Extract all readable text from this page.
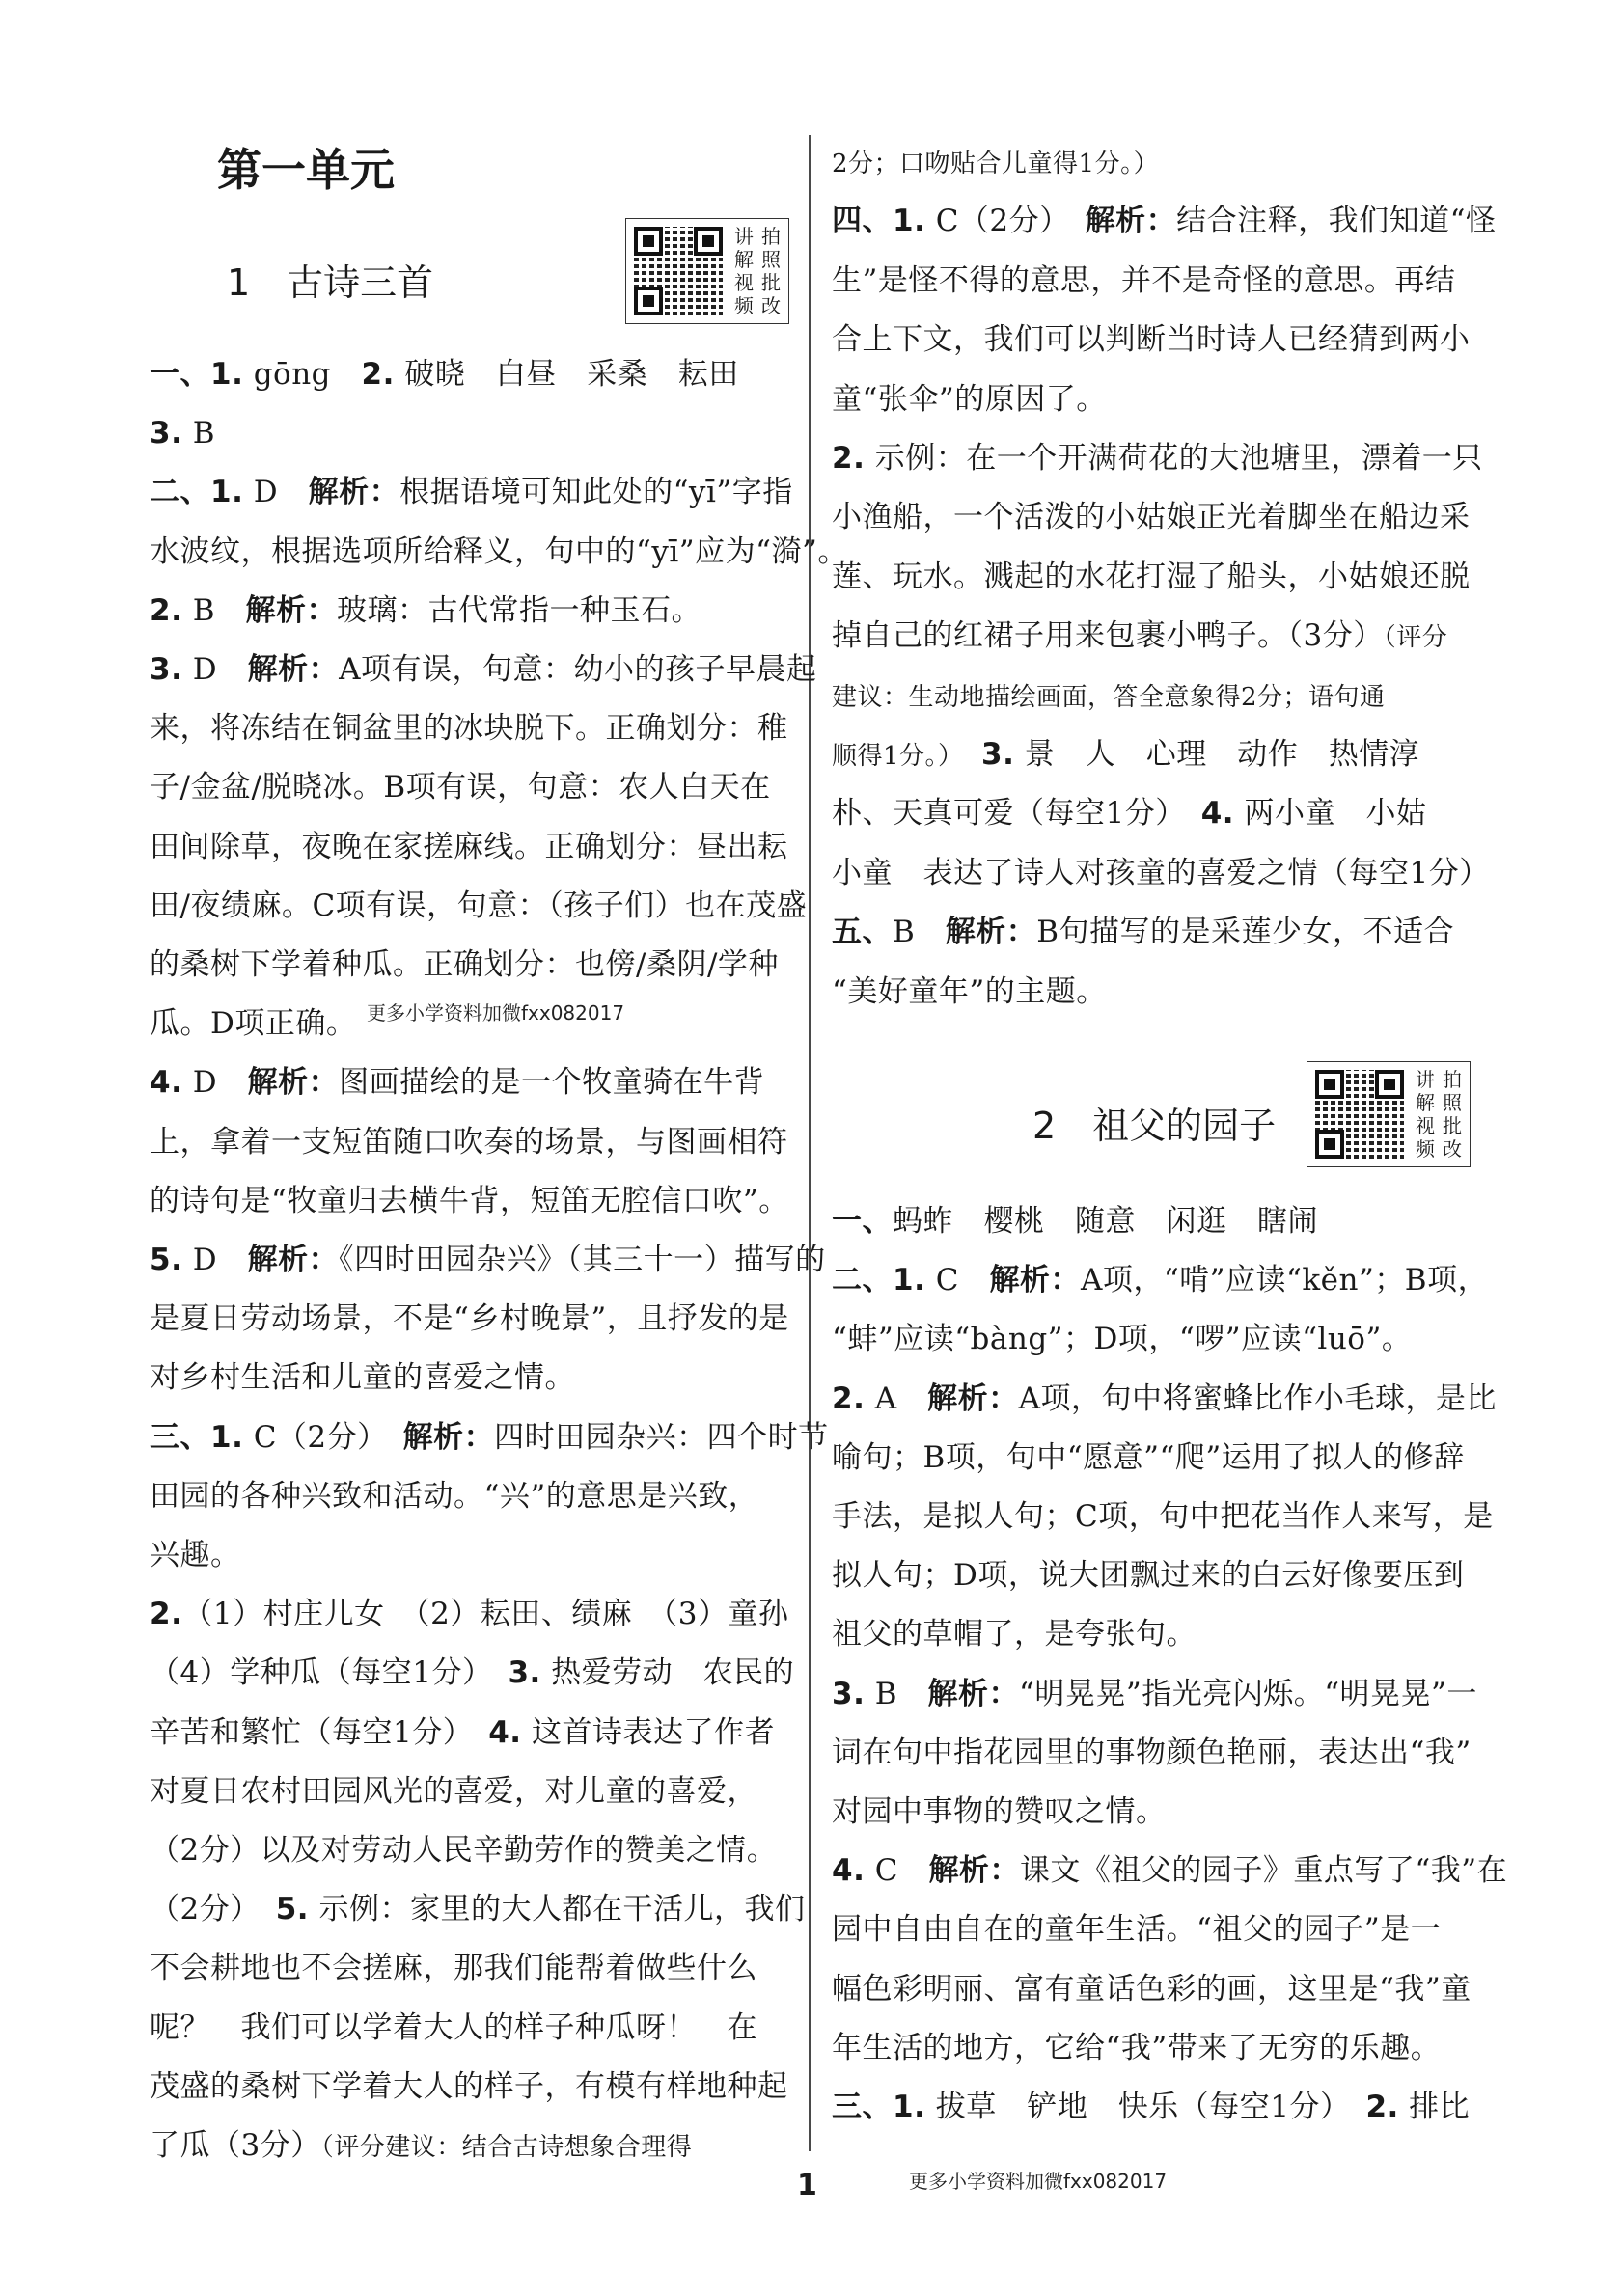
第一单元
1　古诗三首
讲
解
视
频
拍
照
批
改
一、1. gōng　2. 破晓　白昼　采桑　耘田
3. B
二、1. D　解析：根据语境可知此处的“yī”字指
水波纹，根据选项所给释义，句中的“yī”应为“漪”。
2. B　解析：玻璃：古代常指一种玉石。
3. D　解析：A项有误，句意：幼小的孩子早晨起
来，将冻结在铜盆里的冰块脱下。正确划分：稚
子/金盆/脱晓冰。B项有误，句意：农人白天在
田间除草，夜晚在家搓麻线。正确划分：昼出耘
田/夜绩麻。C项有误，句意：（孩子们）也在茂盛
的桑树下学着种瓜。正确划分：也傍/桑阴/学种
瓜。D项正确。
4. D　解析：图画描绘的是一个牧童骑在牛背
上，拿着一支短笛随口吹奏的场景，与图画相符
的诗句是“牧童归去横牛背，短笛无腔信口吹”。
5. D　解析：《四时田园杂兴》（其三十一）描写的
是夏日劳动场景，不是“乡村晚景”，且抒发的是
对乡村生活和儿童的喜爱之情。
三、1. C（2分）　解析：四时田园杂兴：四个时节
田园的各种兴致和活动。“兴”的意思是兴致，
兴趣。
2.（1）村庄儿女　（2）耘田、绩麻　（3）童孙
（4）学种瓜（每空1分）　3. 热爱劳动　农民的
辛苦和繁忙（每空1分）　4. 这首诗表达了作者
对夏日农村田园风光的喜爱，对儿童的喜爱，
（2分）以及对劳动人民辛勤劳作的赞美之情。
（2分）　5. 示例：家里的大人都在干活儿，我们
不会耕地也不会搓麻，那我们能帮着做些什么
呢？　我们可以学着大人的样子种瓜呀！　在
茂盛的桑树下学着大人的样子，有模有样地种起
了瓜（3分）（评分建议：结合古诗想象合理得
2分；口吻贴合儿童得1分。）
四、1. C（2分）　解析：结合注释，我们知道“怪
生”是怪不得的意思，并不是奇怪的意思。再结
合上下文，我们可以判断当时诗人已经猜到两小
童“张伞”的原因了。
2. 示例：在一个开满荷花的大池塘里，漂着一只
小渔船，一个活泼的小姑娘正光着脚坐在船边采
莲、玩水。溅起的水花打湿了船头，小姑娘还脱
掉自己的红裙子用来包裹小鸭子。（3分）（评分
建议：生动地描绘画面，答全意象得2分；语句通
顺得1分。）　 3. 景　人　心理　动作　热情淳
朴、天真可爱（每空1分）　4. 两小童　小姑
小童　表达了诗人对孩童的喜爱之情（每空1分）
五、B　解析：B句描写的是采莲少女，不适合
“美好童年”的主题。
一、蚂蚱　樱桃　随意　闲逛　瞎闹
二、1. C　解析：A项，“啃”应读“kěn”；B项，
“蚌”应读“bàng”；D项，“啰”应读“luō”。
2. A　解析：A项，句中将蜜蜂比作小毛球，是比
喻句；B项，句中“愿意”“爬”运用了拟人的修辞
手法，是拟人句；C项，句中把花当作人来写，是
拟人句；D项，说大团飘过来的白云好像要压到
祖父的草帽了，是夸张句。
3. B　解析：“明晃晃”指光亮闪烁。“明晃晃”一
词在句中指花园里的事物颜色艳丽，表达出“我”
对园中事物的赞叹之情。
4. C　解析：课文《祖父的园子》重点写了“我”在
园中自由自在的童年生活。“祖父的园子”是一
幅色彩明丽、富有童话色彩的画，这里是“我”童
年生活的地方，它给“我”带来了无穷的乐趣。
三、1. 拔草　铲地　快乐（每空1分）　2. 排比
2　祖父的园子
讲
解
视
频
拍
照
批
改
更多小学资料加微fxx082017
更多小学资料加微fxx082017
1
